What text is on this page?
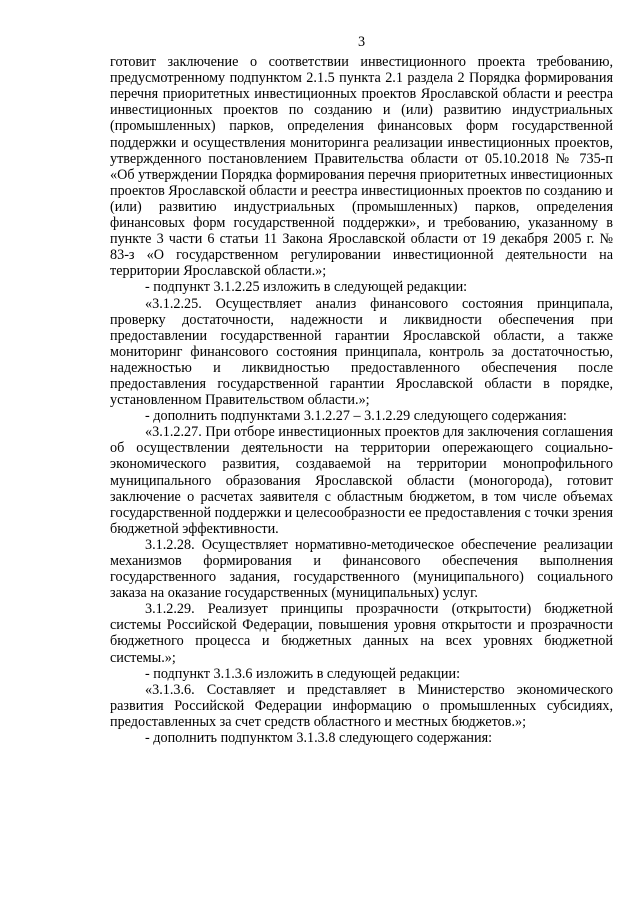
3

готовит заключение о соответствии инвестиционного проекта требованию, предусмотренному подпунктом 2.1.5 пункта 2.1 раздела 2 Порядка формирования перечня приоритетных инвестиционных проектов Ярославской области и реестра инвестиционных проектов по созданию и (или) развитию индустриальных (промышленных) парков, определения финансовых форм государственной поддержки и осуществления мониторинга реализации инвестиционных проектов, утвержденного постановлением Правительства области от 05.10.2018 № 735-п «Об утверждении Порядка формирования перечня приоритетных инвестиционных проектов Ярославской области и реестра инвестиционных проектов по созданию и (или) развитию индустриальных (промышленных) парков, определения финансовых форм государственной поддержки», и требованию, указанному в пункте 3 части 6 статьи 11 Закона Ярославской области от 19 декабря 2005 г. № 83-з «О государственном регулировании инвестиционной деятельности на территории Ярославской области.»;

- подпункт 3.1.2.25 изложить в следующей редакции:

«3.1.2.25. Осуществляет анализ финансового состояния принципала, проверку достаточности, надежности и ликвидности обеспечения при предоставлении государственной гарантии Ярославской области, а также мониторинг финансового состояния принципала, контроль за достаточностью, надежностью и ликвидностью предоставленного обеспечения после предоставления государственной гарантии Ярославской области в порядке, установленном Правительством области.»;

- дополнить подпунктами 3.1.2.27 – 3.1.2.29 следующего содержания:

«3.1.2.27. При отборе инвестиционных проектов для заключения соглашения об осуществлении деятельности на территории опережающего социально-экономического развития, создаваемой на территории монопрофильного муниципального образования Ярославской области (моногорода), готовит заключение о расчетах заявителя с областным бюджетом, в том числе объемах государственной поддержки и целесообразности ее предоставления с точки зрения бюджетной эффективности.

3.1.2.28. Осуществляет нормативно-методическое обеспечение реализации механизмов формирования и финансового обеспечения выполнения государственного задания, государственного (муниципального) социального заказа на оказание государственных (муниципальных) услуг.

3.1.2.29. Реализует принципы прозрачности (открытости) бюджетной системы Российской Федерации, повышения уровня открытости и прозрачности бюджетного процесса и бюджетных данных на всех уровнях бюджетной системы.»;

- подпункт 3.1.3.6 изложить в следующей редакции:

«3.1.3.6. Составляет и представляет в Министерство экономического развития Российской Федерации информацию о промышленных субсидиях, предоставленных за счет средств областного и местных бюджетов.»;

- дополнить подпунктом 3.1.3.8 следующего содержания:
